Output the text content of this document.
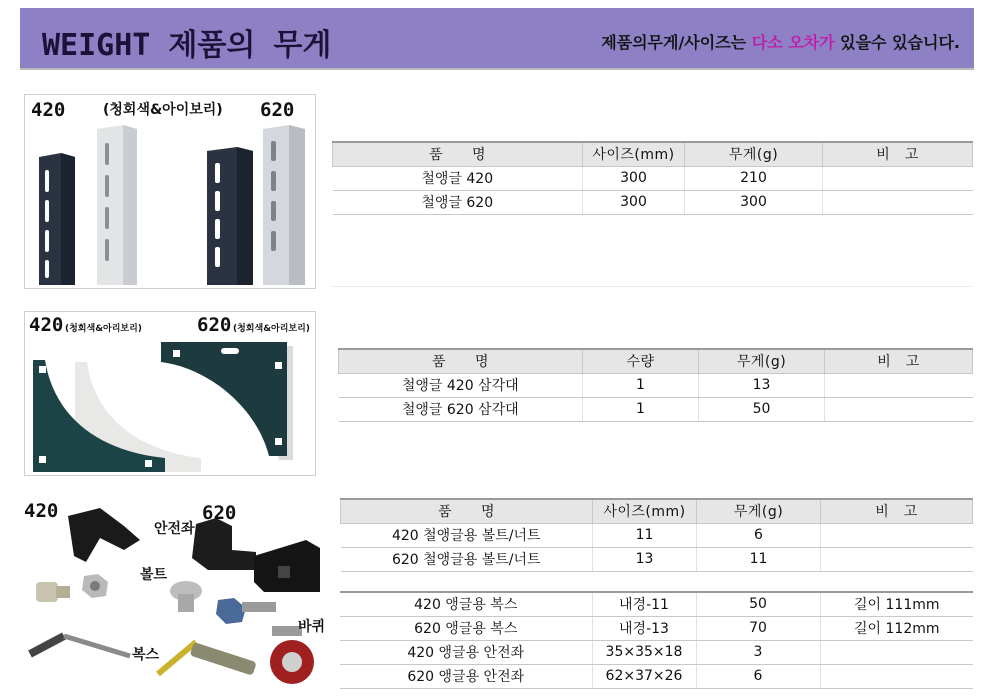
WEIGHT 제품의 무게	제품의무게/사이즈는 다소 오차가 있을수 있습니다.
420	(청회색&아이보리) 620
품　　명	사이즈(mm)	무게(g)	비　고
철앵글 420	300	210	
철앵글 620	300	300	
420 (청회색&아리보리)	620 (청회색&아리보리)
품　　명	수량	무게(g)	비　고
철앵글 420 삼각대	1	13	
철앵글 620 삼각대	1	50	
420	620
안전좌
볼트
복스
바퀴
품　　명	사이즈(mm)	무게(g)	비　고
420 철앵글용 볼트/너트	11	6	
620 철앵글용 볼트/너트	13	11	
420 앵글용 복스	내경-11	50	길이 111mm
620 앵글용 복스	내경-13	70	길이 112mm
420 앵글용 안전좌	35×35×18	3	
620 앵글용 안전좌	62×37×26	6	
